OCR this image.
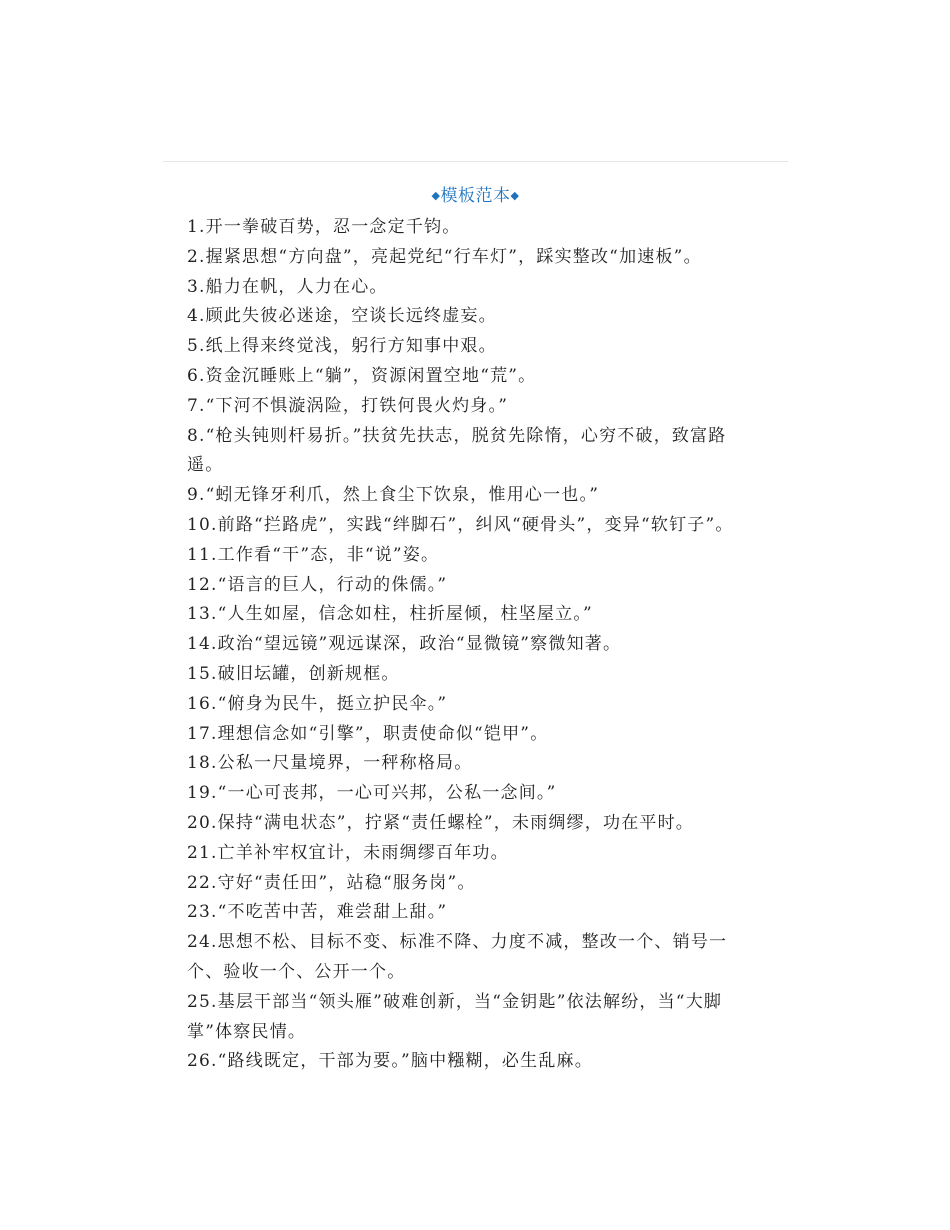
◆模板范本◆

1.开一拳破百势，忍一念定千钧。

2.握紧思想“方向盘”，亮起党纪“行车灯”，踩实整改“加速板”。

3.船力在帆，人力在心。

4.顾此失彼必迷途，空谈长远终虚妄。

5.纸上得来终觉浅，躬行方知事中艰。

6.资金沉睡账上“躺”，资源闲置空地“荒”。

7.“下河不惧漩涡险，打铁何畏火灼身。”

8.“枪头钝则杆易折。”扶贫先扶志，脱贫先除惰，心穷不破，致富路遥。

9.“蚓无锋牙利爪，然上食尘下饮泉，惟用心一也。”

10.前路“拦路虎”，实践“绊脚石”，纠风“硬骨头”，变异“软钉子”。

11.工作看“干”态，非“说”姿。

12.“语言的巨人，行动的侏儒。”

13.“人生如屋，信念如柱，柱折屋倾，柱坚屋立。”

14.政治“望远镜”观远谋深，政治“显微镜”察微知著。

15.破旧坛罐，创新规框。

16.“俯身为民牛，挺立护民伞。”

17.理想信念如“引擎”，职责使命似“铠甲”。

18.公私一尺量境界，一秤称格局。

19.“一心可丧邦，一心可兴邦，公私一念间。”

20.保持“满电状态”，拧紧“责任螺栓”，未雨绸缪，功在平时。

21.亡羊补牢权宜计，未雨绸缪百年功。

22.守好“责任田”，站稳“服务岗”。

23.“不吃苦中苦，难尝甜上甜。”

24.思想不松、目标不变、标准不降、力度不减，整改一个、销号一个、验收一个、公开一个。

25.基层干部当“领头雁”破难创新，当“金钥匙”依法解纷，当“大脚掌”体察民情。

26.“路线既定，干部为要。”脑中糨糊，必生乱麻。
